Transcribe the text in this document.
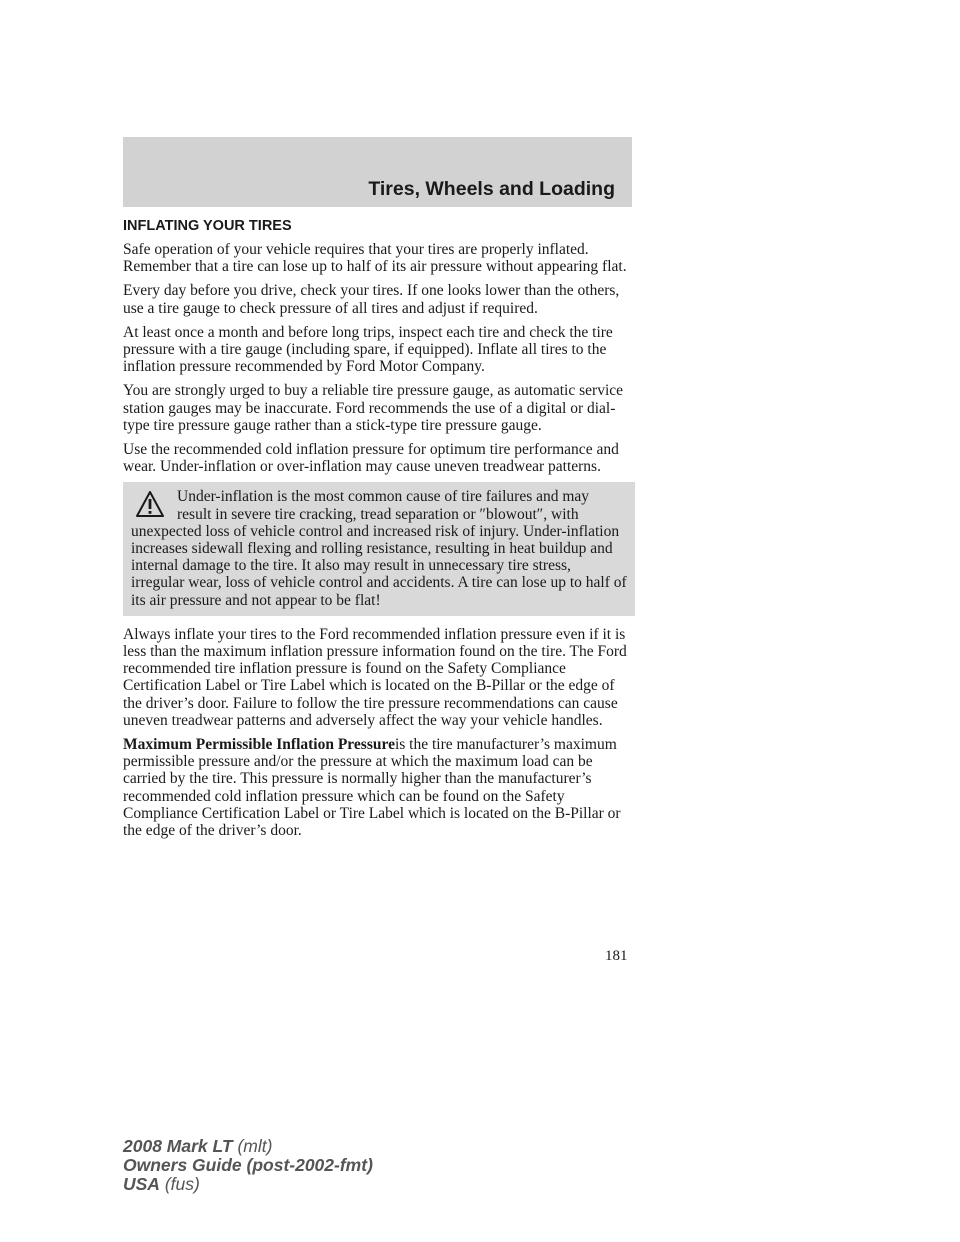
Tires, Wheels and Loading
INFLATING YOUR TIRES

Safe operation of your vehicle requires that your tires are properly inflated. Remember that a tire can lose up to half of its air pressure without appearing flat.

Every day before you drive, check your tires. If one looks lower than the others, use a tire gauge to check pressure of all tires and adjust if required.

At least once a month and before long trips, inspect each tire and check the tire pressure with a tire gauge (including spare, if equipped). Inflate all tires to the inflation pressure recommended by Ford Motor Company.

You are strongly urged to buy a reliable tire pressure gauge, as automatic service station gauges may be inaccurate. Ford recommends the use of a digital or dial-type tire pressure gauge rather than a stick-type tire pressure gauge.

Use the recommended cold inflation pressure for optimum tire performance and wear. Under-inflation or over-inflation may cause uneven treadwear patterns.

Under-inflation is the most common cause of tire failures and may result in severe tire cracking, tread separation or ″blowout″, with unexpected loss of vehicle control and increased risk of injury. Under-inflation increases sidewall flexing and rolling resistance, resulting in heat buildup and internal damage to the tire. It also may result in unnecessary tire stress, irregular wear, loss of vehicle control and accidents. A tire can lose up to half of its air pressure and not appear to be flat!

Always inflate your tires to the Ford recommended inflation pressure even if it is less than the maximum inflation pressure information found on the tire. The Ford recommended tire inflation pressure is found on the Safety Compliance Certification Label or Tire Label which is located on the B-Pillar or the edge of the driver’s door. Failure to follow the tire pressure recommendations can cause uneven treadwear patterns and adversely affect the way your vehicle handles.

Maximum Permissible Inflation Pressureis the tire manufacturer’s maximum permissible pressure and/or the pressure at which the maximum load can be carried by the tire. This pressure is normally higher than the manufacturer’s recommended cold inflation pressure which can be found on the Safety Compliance Certification Label or Tire Label which is located on the B-Pillar or the edge of the driver’s door.

181
2008 Mark LT (mlt)
Owners Guide (post-2002-fmt)
USA (fus)
